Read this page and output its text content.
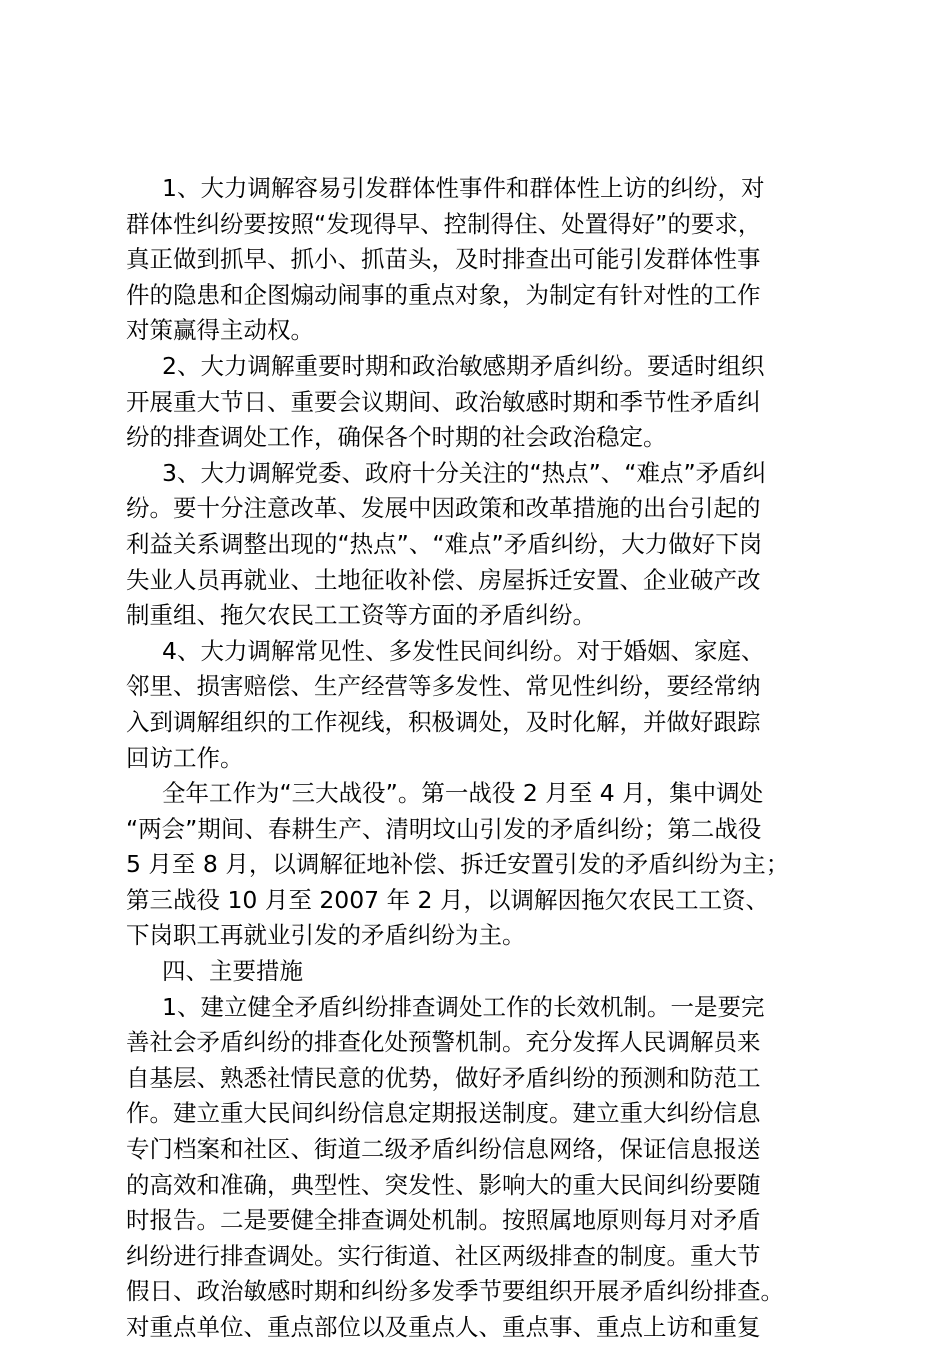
1、大力调解容易引发群体性事件和群体性上访的纠纷，对
群体性纠纷要按照“发现得早、控制得住、处置得好”的要求，
真正做到抓早、抓小、抓苗头，及时排查出可能引发群体性事
件的隐患和企图煽动闹事的重点对象，为制定有针对性的工作
对策赢得主动权。

2、大力调解重要时期和政治敏感期矛盾纠纷。要适时组织
开展重大节日、重要会议期间、政治敏感时期和季节性矛盾纠
纷的排查调处工作，确保各个时期的社会政治稳定。

3、大力调解党委、政府十分关注的“热点”、“难点”矛盾纠
纷。要十分注意改革、发展中因政策和改革措施的出台引起的
利益关系调整出现的“热点”、“难点”矛盾纠纷，大力做好下岗
失业人员再就业、土地征收补偿、房屋拆迁安置、企业破产改
制重组、拖欠农民工工资等方面的矛盾纠纷。

4、大力调解常见性、多发性民间纠纷。对于婚姻、家庭、
邻里、损害赔偿、生产经营等多发性、常见性纠纷，要经常纳
入到调解组织的工作视线，积极调处，及时化解，并做好跟踪
回访工作。

全年工作为“三大战役”。第一战役 2 月至 4 月，集中调处
“两会”期间、春耕生产、清明坟山引发的矛盾纠纷；第二战役
5 月至 8 月，以调解征地补偿、拆迁安置引发的矛盾纠纷为主；
第三战役 10 月至 2007 年 2 月，以调解因拖欠农民工工资、
下岗职工再就业引发的矛盾纠纷为主。

四、主要措施

1、建立健全矛盾纠纷排查调处工作的长效机制。一是要完
善社会矛盾纠纷的排查化处预警机制。充分发挥人民调解员来
自基层、熟悉社情民意的优势，做好矛盾纠纷的预测和防范工
作。建立重大民间纠纷信息定期报送制度。建立重大纠纷信息
专门档案和社区、街道二级矛盾纠纷信息网络，保证信息报送
的高效和准确，典型性、突发性、影响大的重大民间纠纷要随
时报告。二是要健全排查调处机制。按照属地原则每月对矛盾
纠纷进行排查调处。实行街道、社区两级排查的制度。重大节
假日、政治敏感时期和纠纷多发季节要组织开展矛盾纠纷排查。
对重点单位、重点部位以及重点人、重点事、重点上访和重复
